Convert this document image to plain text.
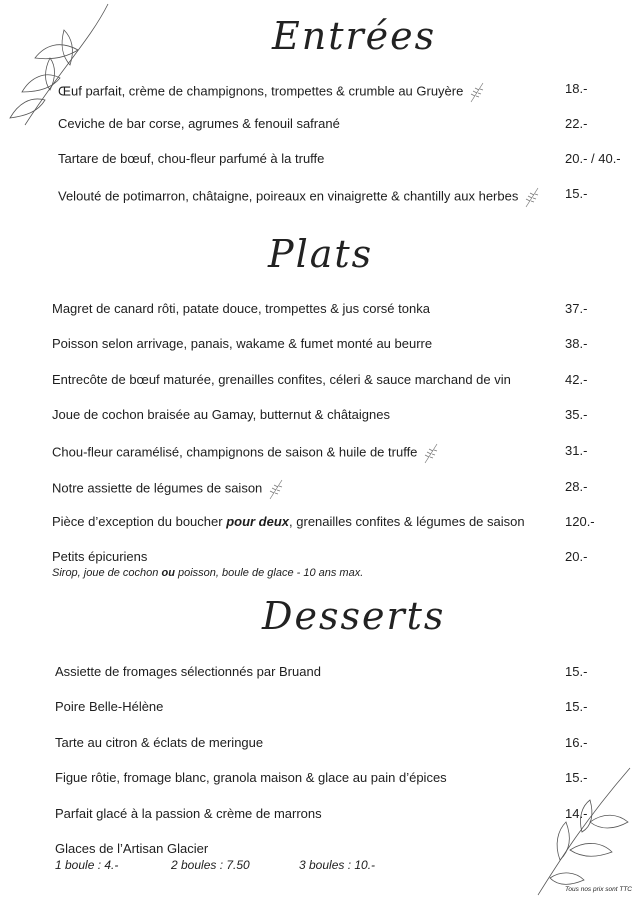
Entrées
Œuf parfait, crème de champignons, trompettes & crumble au Gruyère	18.-
Ceviche de bar corse, agrumes & fenouil safrané	22.-
Tartare de bœuf, chou-fleur parfumé à la truffe	20.- / 40.-
Velouté de potimarron, châtaigne, poireaux en vinaigrette & chantilly aux herbes	15.-
Plats
Magret de canard rôti, patate douce, trompettes & jus corsé tonka	37.-
Poisson selon arrivage, panais, wakame & fumet monté au beurre	38.-
Entrecôte de bœuf maturée, grenailles confites, céleri & sauce marchand de vin	42.-
Joue de cochon braisée au Gamay, butternut & châtaignes	35.-
Chou-fleur caramélisé, champignons de saison & huile de truffe	31.-
Notre assiette de légumes de saison	28.-
Pièce d’exception du boucher pour deux, grenailles confites & légumes de saison	120.-
Petits épicuriens	20.-
Sirop, joue de cochon ou poisson, boule de glace - 10 ans max.
Desserts
Assiette de fromages sélectionnés par Bruand	15.-
Poire Belle-Hélène	15.-
Tarte au citron & éclats de meringue	16.-
Figue rôtie, fromage blanc, granola maison & glace au pain d’épices	15.-
Parfait glacé à la passion & crème de marrons	14.-
Glaces de l’Artisan Glacier
1 boule : 4.-	2 boules : 7.50	3 boules : 10.-
Tous nos prix sont TTC
